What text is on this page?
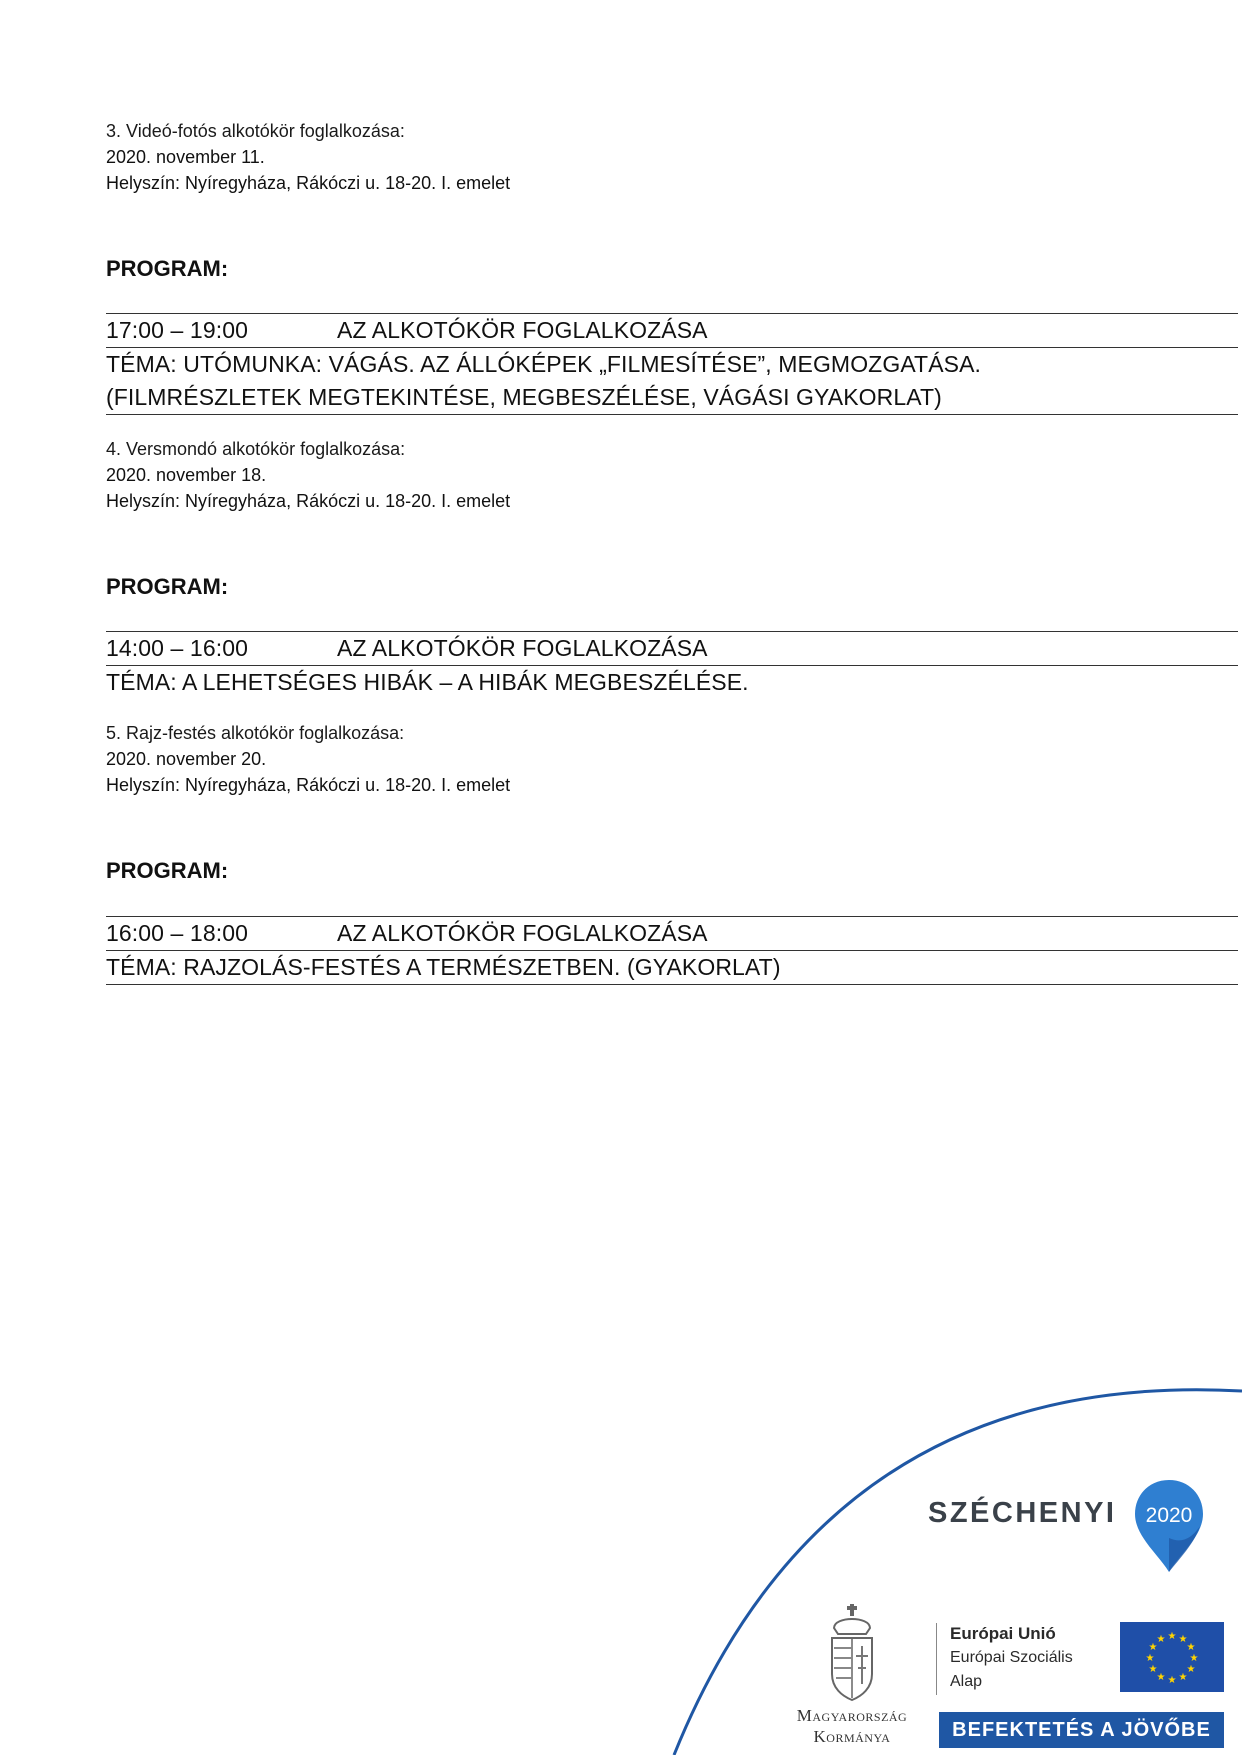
3. Videó-fotós alkotókör foglalkozása:
2020. november 11.
Helyszín: Nyíregyháza, Rákóczi u. 18-20. I. emelet
PROGRAM:
17:00 – 19:00	AZ ALKOTÓKÖR FOGLALKOZÁSA
TÉMA: UTÓMUNKA: VÁGÁS. AZ ÁLLÓKÉPEK „FILMESÍTÉSE”, MEGMOZGATÁSA.
(FILMRÉSZLETEK MEGTEKINTÉSE, MEGBESZÉLÉSE, VÁGÁSI GYAKORLAT)
4. Versmondó alkotókör foglalkozása:
2020. november 18.
Helyszín: Nyíregyháza, Rákóczi u. 18-20. I. emelet
PROGRAM:
14:00 – 16:00	AZ ALKOTÓKÖR FOGLALKOZÁSA
TÉMA: A LEHETSÉGES HIBÁK – A HIBÁK MEGBESZÉLÉSE.
5. Rajz-festés alkotókör foglalkozása:
2020. november 20.
Helyszín: Nyíregyháza, Rákóczi u. 18-20. I. emelet
PROGRAM:
16:00 – 18:00	AZ ALKOTÓKÖR FOGLALKOZÁSA
TÉMA: RAJZOLÁS-FESTÉS A TERMÉSZETBEN. (GYAKORLAT)
SZÉCHENYI 2020
Magyarország
Kormánya
Európai Unió
Európai Szociális
Alap
★ ★
★
★
★
★
★
★
★
★
★
★
BEFEKTETÉS A JÖVŐBE
